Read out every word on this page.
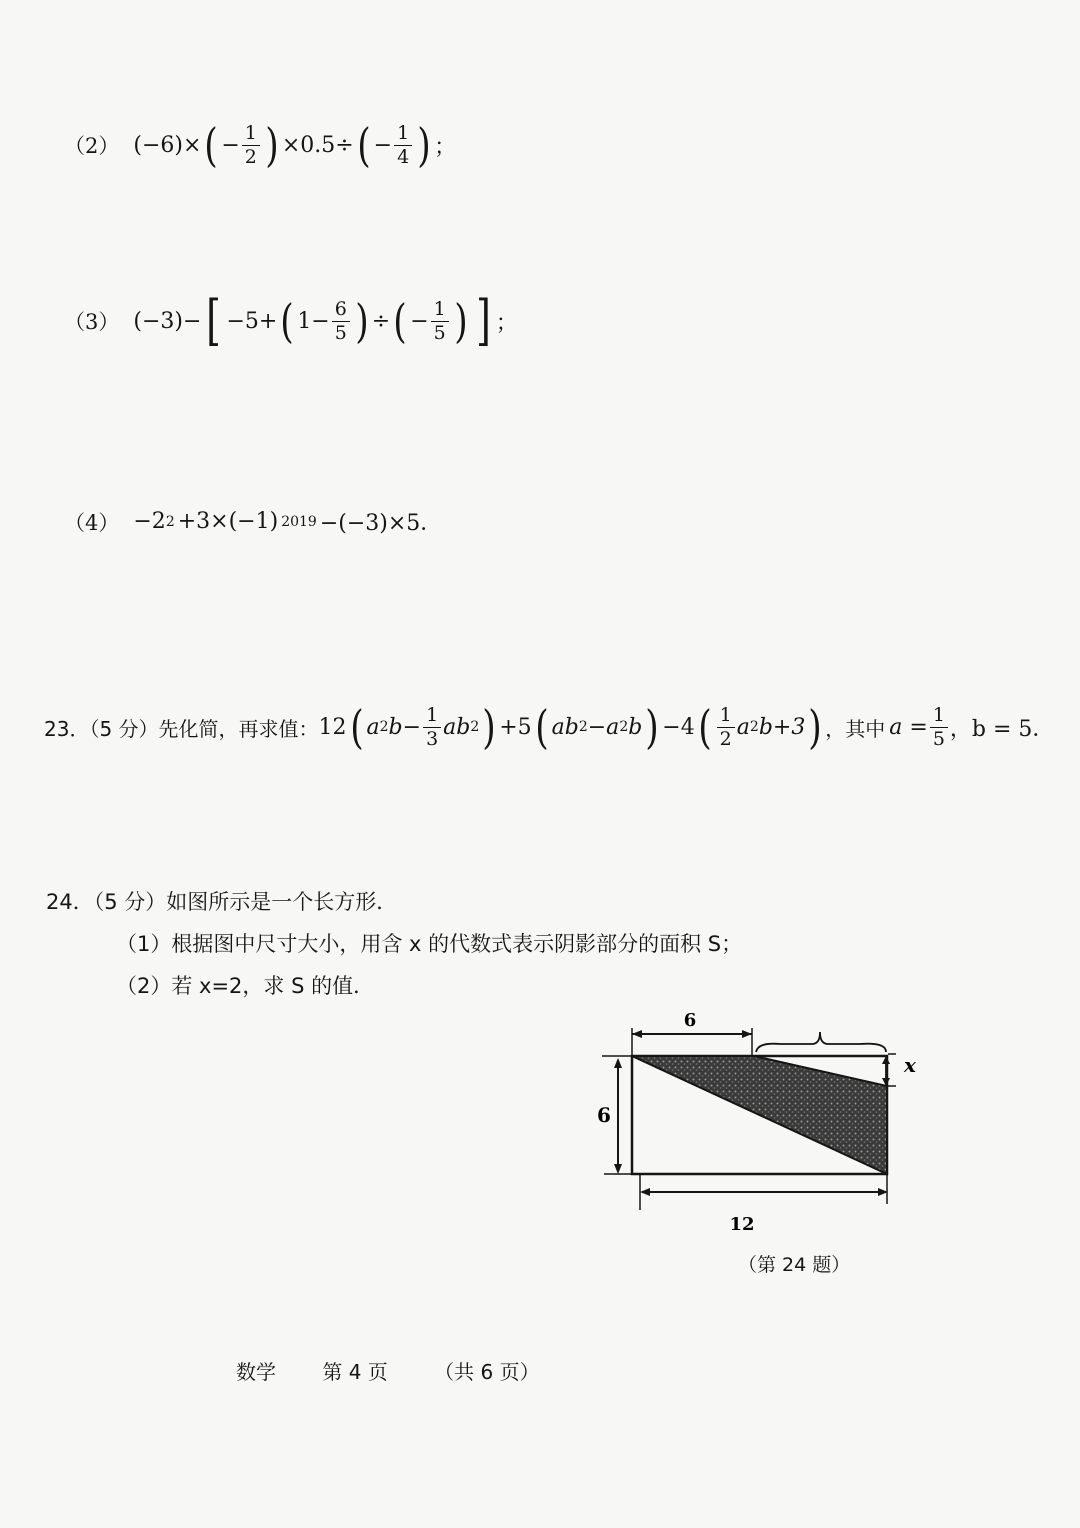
（2） (−6)× ( − $\frac{1}{2}$ ) ×0.5÷ ( − $\frac{1}{4}$ ) ；
（3） (−3)− [ −5+ ( $1- \frac{6}{5}$ ) ÷ ( − $\frac{1}{5}$ ) ] ；
（4） −2 2 +3×(−1) 2019 −(−3)×5．
23．（5 分）先化简，再求值： 12 ( a 2 $b- \frac{1}{3}$ ab 2 ) +5 ( ab 2 −a 2 b ) −4 ( $\frac{1}{2}$ a 2 b+3 ) ，其中 $a = \frac{1}{5}$ ，b = 5．
24．（5 分）如图所示是一个长方形．
（1）根据图中尺寸大小，用含 x 的代数式表示阴影部分的面积 S；
（2）若 x=2，求 S 的值．
6
6
12
x
（第 24 题）
数学 第 4 页 （共 6 页）
